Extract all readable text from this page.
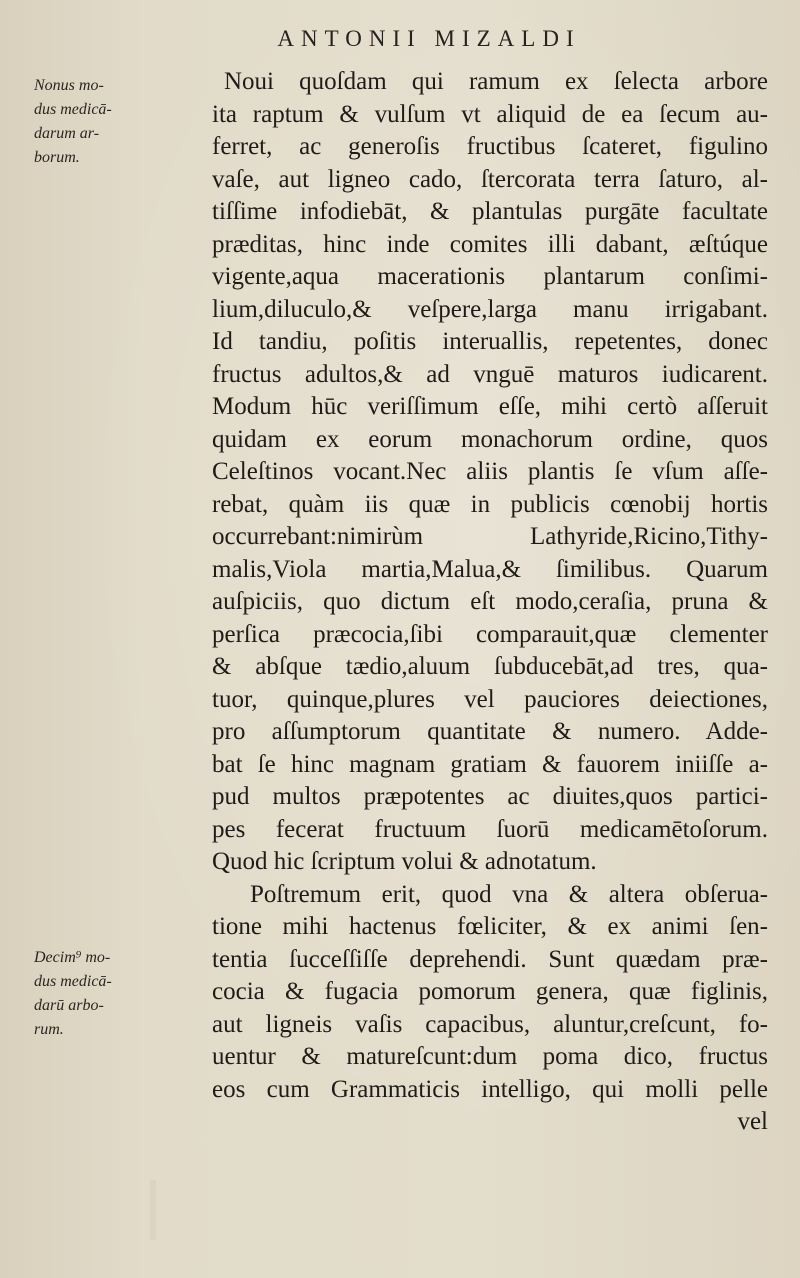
ANTONII MIZALDI
Nonus mo-
dus medicā-
darum ar-
borum.
Decim⁹ mo-
dus medicā-
darū arbo-
rum.
Noui quoſdam qui ramum ex ſelecta arbore
ita raptum & vulſum vt aliquid de ea ſecum au-
ferret, ac generoſis fructibus ſcateret, figulino
vaſe, aut ligneo cado, ſtercorata terra ſaturo, al-
tiſſime infodiebāt, & plantulas purgāte facultate
præditas, hinc inde comites illi dabant, æſtúque
vigente,aqua macerationis plantarum conſimi-
lium,diluculo,& veſpere,larga manu irrigabant.
Id tandiu, poſitis interuallis, repetentes, donec
fructus adultos,& ad vnguē maturos iudicarent.
Modum hūc veriſſimum eſſe, mihi certò aſſeruit
quidam ex eorum monachorum ordine, quos
Celeſtinos vocant.Nec aliis plantis ſe vſum aſſe-
rebat, quàm iis quæ in publicis cœnobij hortis
occurrebant:nimirùm Lathyride,Ricino,Tithy-
malis,Viola martia,Malua,& ſimilibus. Quarum
auſpiciis, quo dictum eſt modo,ceraſia, pruna &
perſica præcocia,ſibi comparauit,quæ clementer
& abſque tædio,aluum ſubducebāt,ad tres, qua-
tuor, quinque,plures vel pauciores deiectiones,
pro aſſumptorum quantitate & numero. Adde-
bat ſe hinc magnam gratiam & fauorem iniiſſe a-
pud multos præpotentes ac diuites,quos partici-
pes fecerat fructuum ſuorū medicamētoſorum.
Quod hic ſcriptum volui & adnotatum.
Poſtremum erit, quod vna & altera obſerua-
tione mihi hactenus fœliciter, & ex animi ſen-
tentia ſucceſſiſſe deprehendi. Sunt quædam præ-
cocia & fugacia pomorum genera, quæ figlinis,
aut ligneis vaſis capacibus, aluntur,creſcunt, fo-
uentur & matureſcunt:dum poma dico, fructus
eos cum Grammaticis intelligo, qui molli pelle
vel
